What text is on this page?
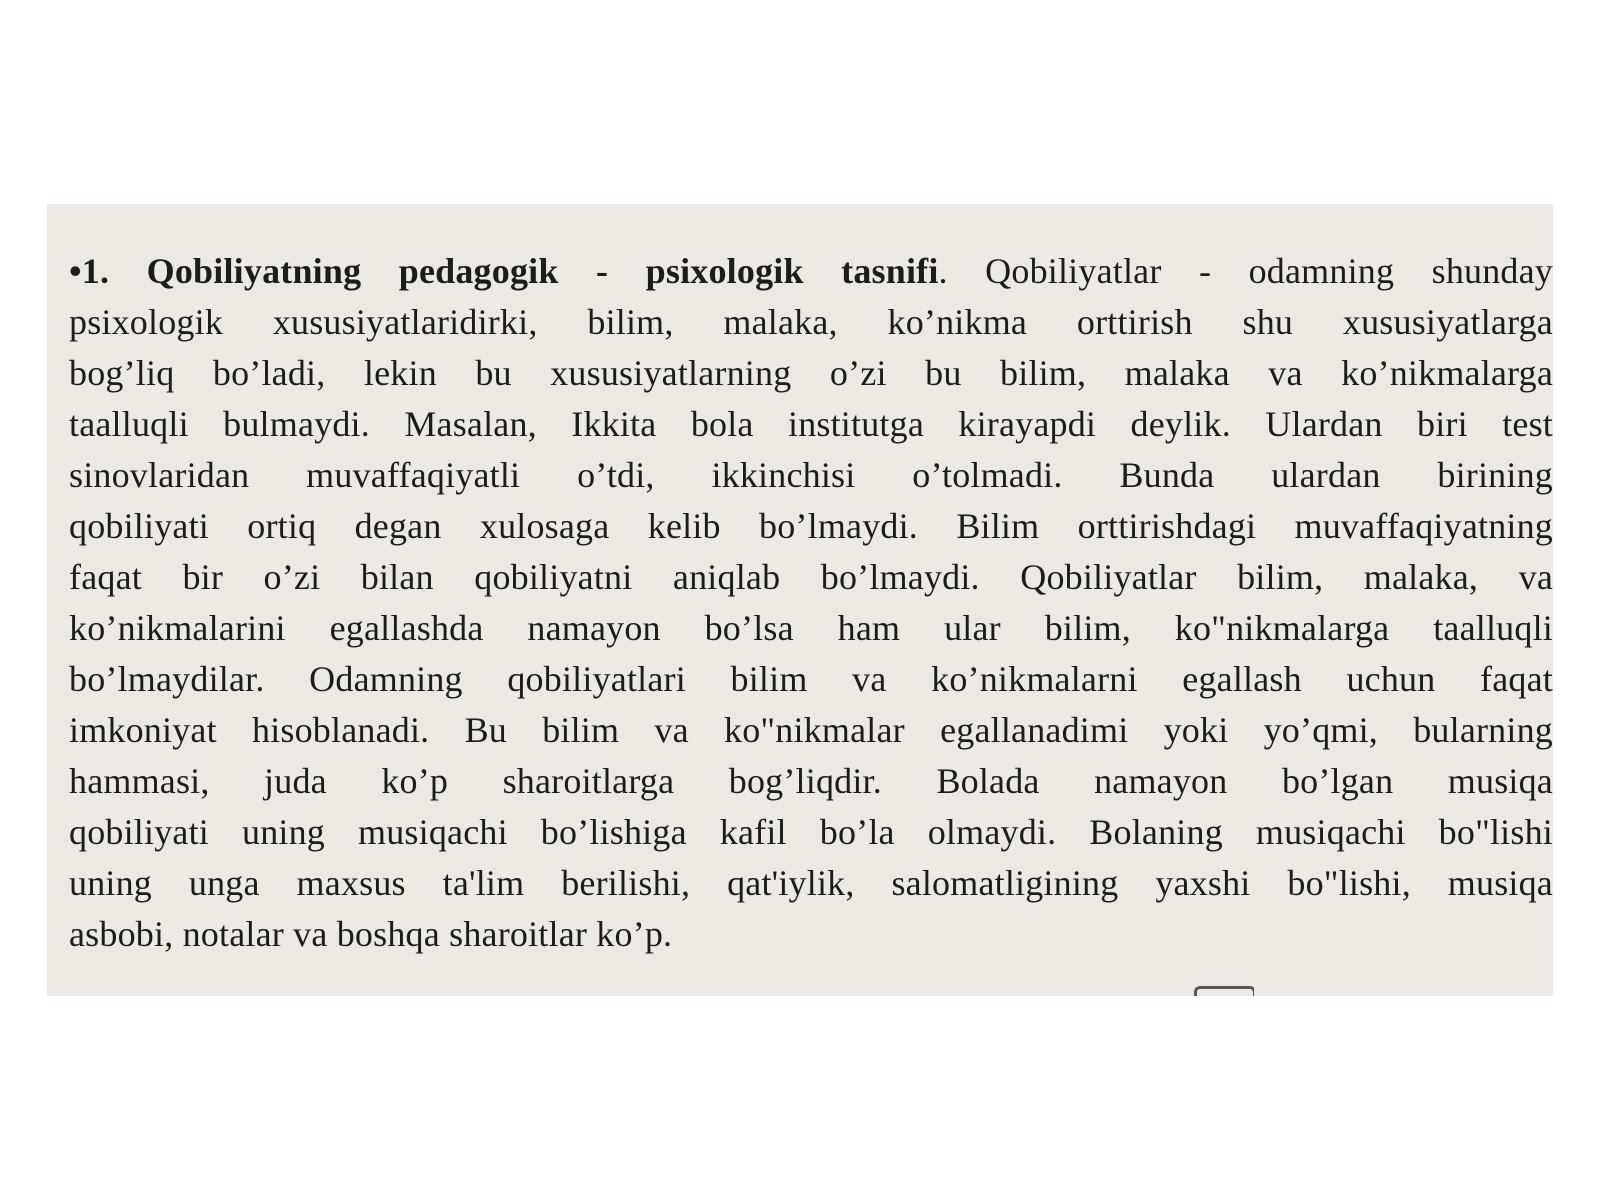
•1. Qobiliyatning pedagogik - psixologik tasnifi. Qobiliyatlar - odamning shunday
psixologik xususiyatlaridirki, bilim, malaka, ko’nikma orttirish shu xususiyatlarga
bog’liq bo’ladi, lekin bu xususiyatlarning o’zi bu bilim, malaka va ko’nikmalarga
taalluqli bulmaydi. Masalan, Ikkita bola institutga kirayapdi deylik. Ulardan biri test
sinovlaridan muvaffaqiyatli o’tdi, ikkinchisi o’tolmadi. Bunda ulardan birining
qobiliyati ortiq degan xulosaga kelib bo’lmaydi. Bilim orttirishdagi muvaffaqiyatning
faqat bir o’zi bilan qobiliyatni aniqlab bo’lmaydi. Qobiliyatlar bilim, malaka, va
ko’nikmalarini egallashda namayon bo’lsa ham ular bilim, ko"nikmalarga taalluqli
bo’lmaydilar. Odamning qobiliyatlari bilim va ko’nikmalarni egallash uchun faqat
imkoniyat hisoblanadi. Bu bilim va ko"nikmalar egallanadimi yoki yo’qmi, bularning
hammasi, juda ko’p sharoitlarga bog’liqdir. Bolada namayon bo’lgan musiqa
qobiliyati uning musiqachi bo’lishiga kafil bo’la olmaydi. Bolaning musiqachi bo"lishi
uning unga maxsus ta'lim berilishi, qat'iylik, salomatligining yaxshi bo"lishi, musiqa
asbobi, notalar va boshqa sharoitlar ko’p.
